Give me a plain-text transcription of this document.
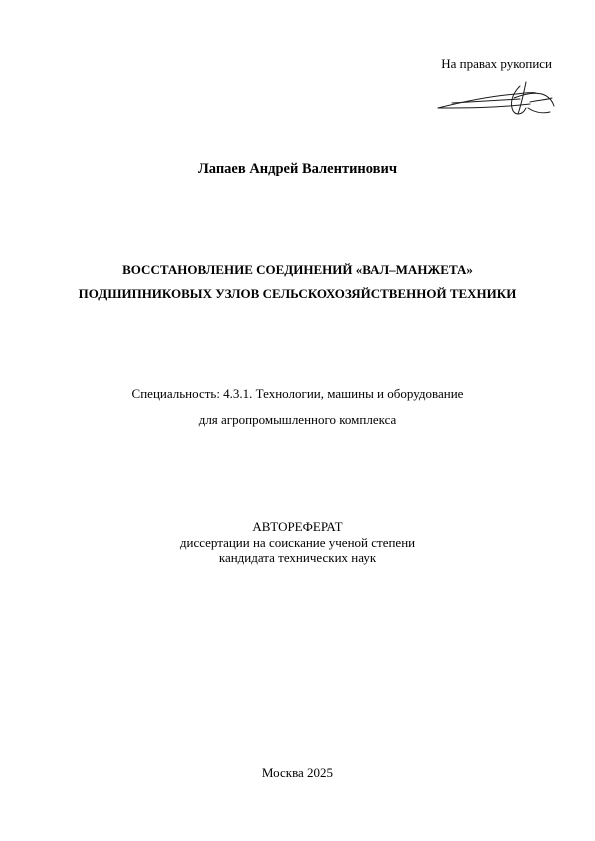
На правах рукописи
Лапаев Андрей Валентинович
ВОССТАНОВЛЕНИЕ СОЕДИНЕНИЙ «ВАЛ–МАНЖЕТА»
ПОДШИПНИКОВЫХ УЗЛОВ СЕЛЬСКОХОЗЯЙСТВЕННОЙ ТЕХНИКИ
Специальность: 4.3.1. Технологии, машины и оборудование
для агропромышленного комплекса
АВТОРЕФЕРАТ
диссертации на соискание ученой степени
кандидата технических наук
Москва 2025
